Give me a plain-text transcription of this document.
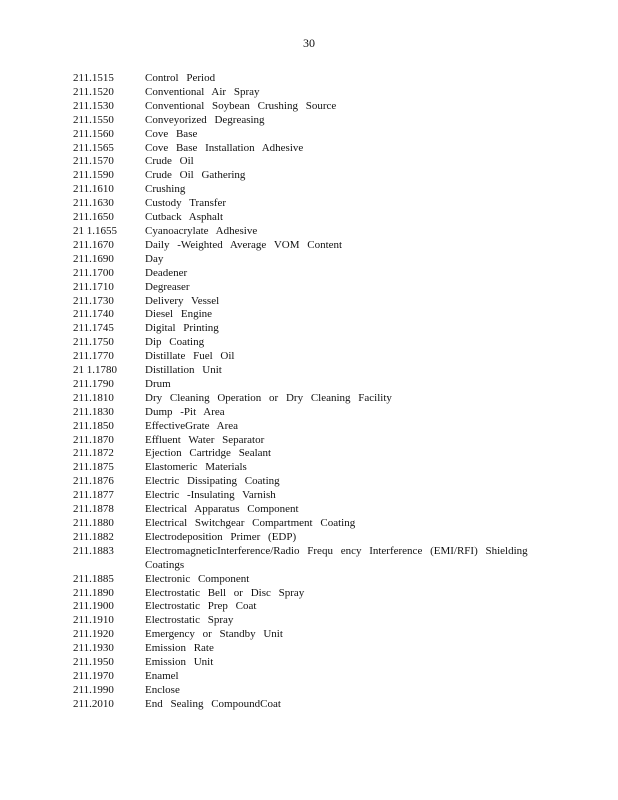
30
211.1515	Control Period
211.1520	Conventional Air Spray
211.1530	Conventional Soybean Crushing Source
211.1550	Conveyorized Degreasing
211.1560	Cove Base
211.1565	Cove Base Installation Adhesive
211.1570	Crude Oil
211.1590	Crude Oil Gathering
211.1610	Crushing
211.1630	Custody Transfer
211.1650	Cutback Asphalt
21 1.1655	Cyanoacrylate Adhesive
211.1670	Daily -Weighted Average VOM Content
211.1690	Day
211.1700	Deadener
211.1710	Degreaser
211.1730	Delivery Vessel
211.1740	Diesel Engine
211.1745	Digital Printing
211.1750	Dip Coating
211.1770	Distillate Fuel Oil
21 1.1780	Distillation Unit
211.1790	Drum
211.1810	Dry Cleaning Operation or Dry Cleaning Facility
211.1830	Dump -Pit Area
211.1850	EffectiveGrate Area
211.1870	Effluent Water Separator
211.1872	Ejection Cartridge Sealant
211.1875	Elastomeric Materials
211.1876	Electric Dissipating Coating
211.1877	Electric -Insulating Varnish
211.1878	Electrical Apparatus Component
211.1880	Electrical Switchgear Compartment Coating
211.1882	Electrodeposition Primer (EDP)
211.1883	ElectromagneticInterference/Radio Frequ ency Interference (EMI/RFI) Shielding Coatings
211.1885	Electronic Component
211.1890	Electrostatic Bell or Disc Spray
211.1900	Electrostatic Prep Coat
211.1910	Electrostatic Spray
211.1920	Emergency or Standby Unit
211.1930	Emission Rate
211.1950	Emission Unit
211.1970	Enamel
211.1990	Enclose
211.2010	End Sealing CompoundCoat
